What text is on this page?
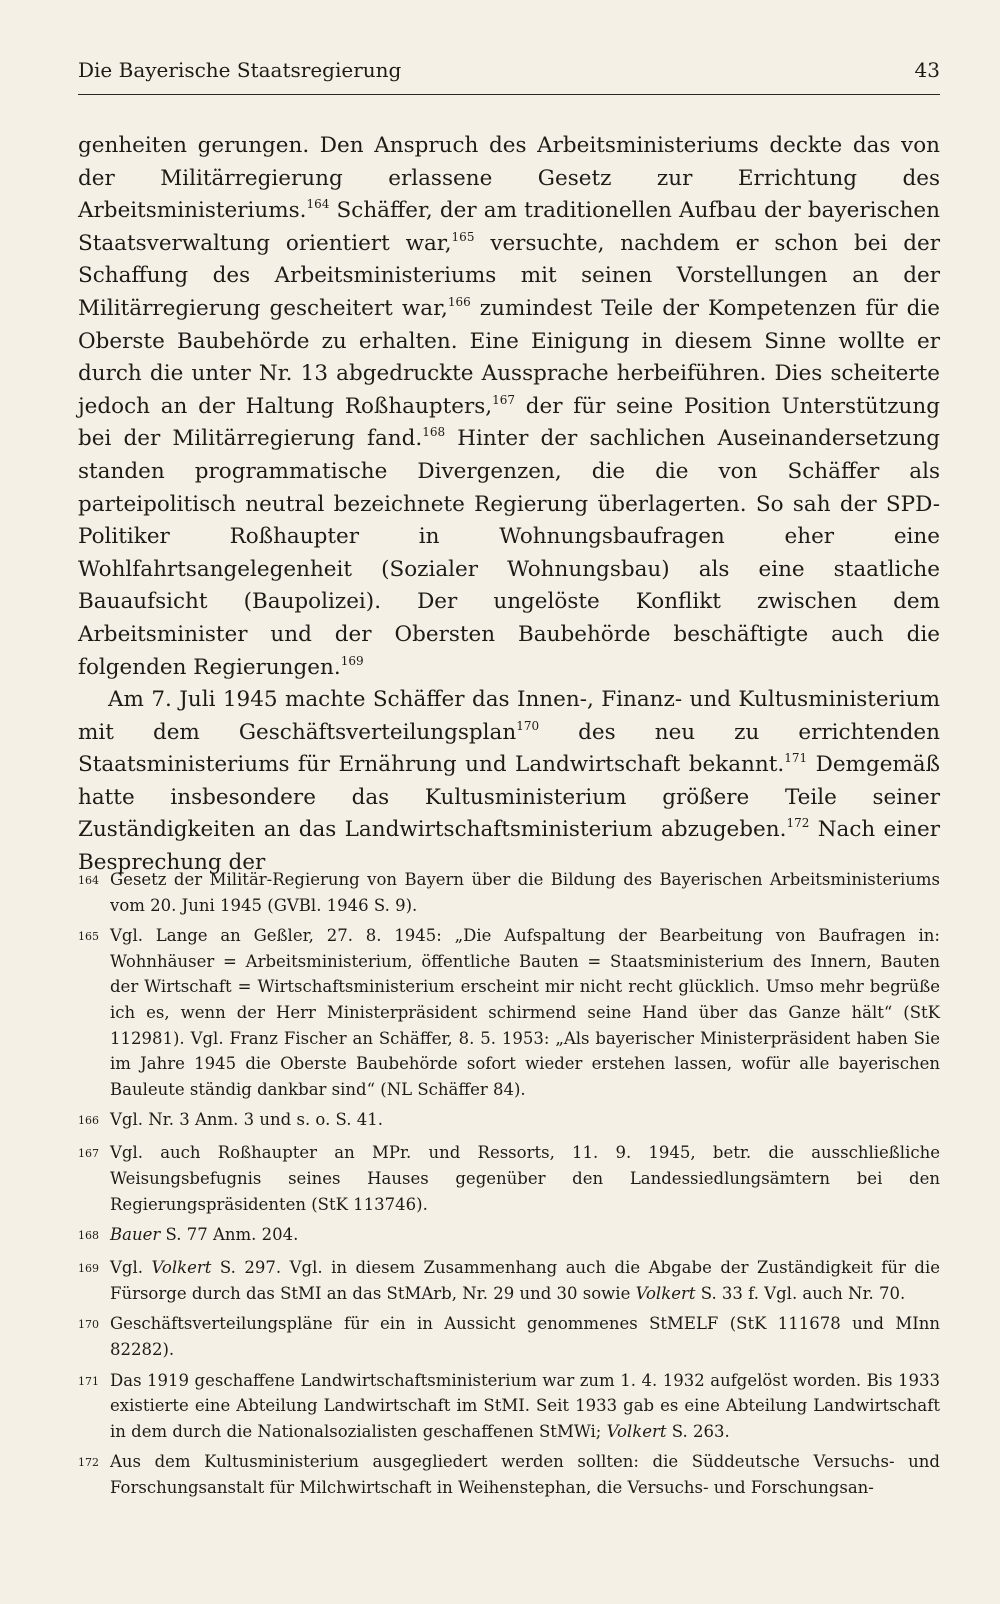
Die Bayerische Staatsregierung	43

genheiten gerungen. Den Anspruch des Arbeitsministeriums deckte das von der Militärregierung erlassene Gesetz zur Errichtung des Arbeitsministeriums.$^{164}$ Schäffer, der am traditionellen Aufbau der bayerischen Staatsverwaltung orientiert war,$^{165}$ versuchte, nachdem er schon bei der Schaffung des Arbeitsministeriums mit seinen Vorstellungen an der Militärregierung gescheitert war,$^{166}$ zumindest Teile der Kompetenzen für die Oberste Baubehörde zu erhalten. Eine Einigung in diesem Sinne wollte er durch die unter Nr. 13 abgedruckte Aussprache herbeiführen. Dies scheiterte jedoch an der Haltung Roßhaupters,$^{167}$ der für seine Position Unterstützung bei der Militärregierung fand.$^{168}$ Hinter der sachlichen Auseinandersetzung standen programmatische Divergenzen, die die von Schäffer als parteipolitisch neutral bezeichnete Regierung überlagerten. So sah der SPD-Politiker Roßhaupter in Wohnungsbaufragen eher eine Wohlfahrtsangelegenheit (Sozialer Wohnungsbau) als eine staatliche Bauaufsicht (Baupolizei). Der ungelöste Konflikt zwischen dem Arbeitsminister und der Obersten Baubehörde beschäftigte auch die folgenden Regierungen.$^{169}$

Am 7. Juli 1945 machte Schäffer das Innen-, Finanz- und Kultusministerium mit dem Geschäftsverteilungsplan$^{170}$ des neu zu errichtenden Staatsministeriums für Ernährung und Landwirtschaft bekannt.$^{171}$ Demgemäß hatte insbesondere das Kultusministerium größere Teile seiner Zuständigkeiten an das Landwirtschaftsministerium abzugeben.$^{172}$ Nach einer Besprechung der

164 Gesetz der Militär-Regierung von Bayern über die Bildung des Bayerischen Arbeitsministeriums vom 20. Juni 1945 (GVBl. 1946 S. 9).
165 Vgl. Lange an Geßler, 27. 8. 1945: „Die Aufspaltung der Bearbeitung von Baufragen in: Wohnhäuser = Arbeitsministerium, öffentliche Bauten = Staatsministerium des Innern, Bauten der Wirtschaft = Wirtschaftsministerium erscheint mir nicht recht glücklich. Umso mehr begrüße ich es, wenn der Herr Ministerpräsident schirmend seine Hand über das Ganze hält“ (StK 112981). Vgl. Franz Fischer an Schäffer, 8. 5. 1953: „Als bayerischer Ministerpräsident haben Sie im Jahre 1945 die Oberste Baubehörde sofort wieder erstehen lassen, wofür alle bayerischen Bauleute ständig dankbar sind“ (NL Schäffer 84).
166 Vgl. Nr. 3 Anm. 3 und s. o. S. 41.
167 Vgl. auch Roßhaupter an MPr. und Ressorts, 11. 9. 1945, betr. die ausschließliche Weisungsbefugnis seines Hauses gegenüber den Landessiedlungsämtern bei den Regierungspräsidenten (StK 113746).
168 Bauer S. 77 Anm. 204.
169 Vgl. Volkert S. 297. Vgl. in diesem Zusammenhang auch die Abgabe der Zuständigkeit für die Fürsorge durch das StMI an das StMArb, Nr. 29 und 30 sowie Volkert S. 33 f. Vgl. auch Nr. 70.
170 Geschäftsverteilungspläne für ein in Aussicht genommenes StMELF (StK 111678 und MInn 82282).
171 Das 1919 geschaffene Landwirtschaftsministerium war zum 1. 4. 1932 aufgelöst worden. Bis 1933 existierte eine Abteilung Landwirtschaft im StMI. Seit 1933 gab es eine Abteilung Landwirtschaft in dem durch die Nationalsozialisten geschaffenen StMWi; Volkert S. 263.
172 Aus dem Kultusministerium ausgegliedert werden sollten: die Süddeutsche Versuchs- und Forschungsanstalt für Milchwirtschaft in Weihenstephan, die Versuchs- und Forschungsan-
